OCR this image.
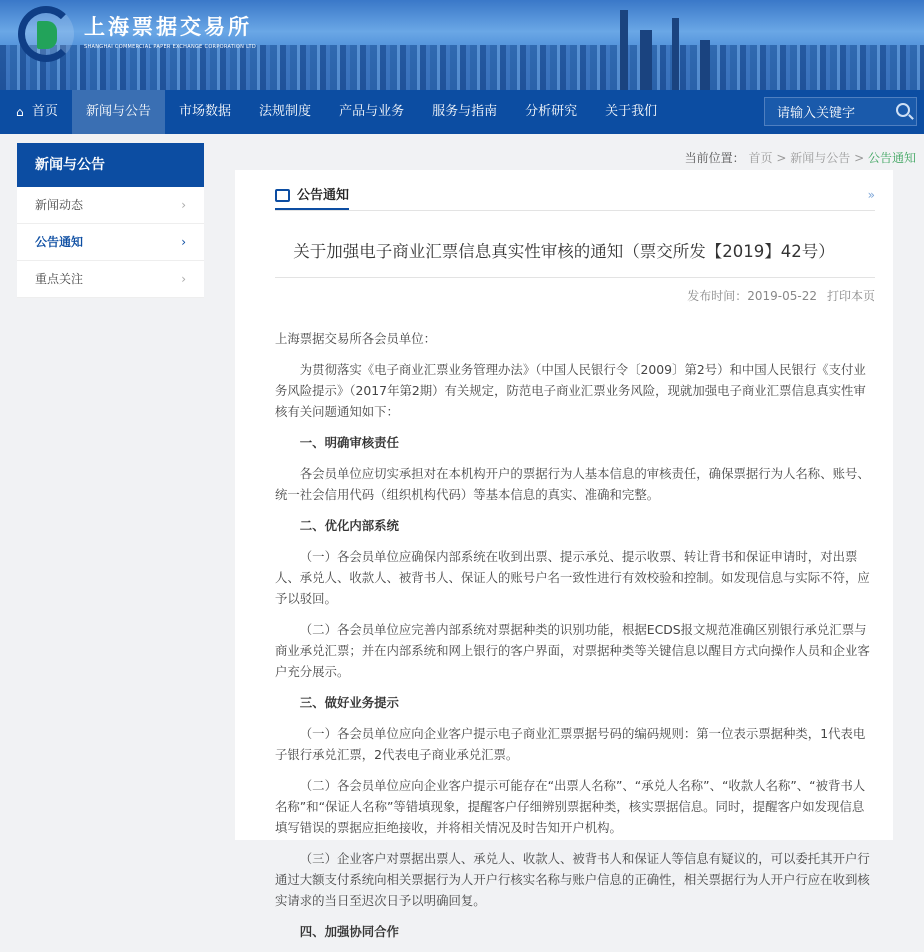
上海票据交易所
SHANGHAI COMMERCIAL PAPER EXCHANGE CORPORATION LTD
⌂ 首页	新闻与公告	市场数据	法规制度	产品与业务	服务与指南	分析研究	关于我们	请输入关键字
新闻与公告
新闻动态	›
公告通知	›
重点关注	›
当前位置： 首页 > 新闻与公告 > 公告通知
公告通知	»
关于加强电子商业汇票信息真实性审核的通知（票交所发【2019】42号）
发布时间：2019-05-22 打印本页

上海票据交易所各会员单位：

为贯彻落实《电子商业汇票业务管理办法》（中国人民银行令〔2009〕第2号）和中国人民银行《支付业务风险提示》（2017年第2期）有关规定，防范电子商业汇票业务风险，现就加强电子商业汇票信息真实性审核有关问题通知如下：

一、明确审核责任

各会员单位应切实承担对在本机构开户的票据行为人基本信息的审核责任，确保票据行为人名称、账号、统一社会信用代码（组织机构代码）等基本信息的真实、准确和完整。

二、优化内部系统

（一）各会员单位应确保内部系统在收到出票、提示承兑、提示收票、转让背书和保证申请时，对出票人、承兑人、收款人、被背书人、保证人的账号户名一致性进行有效校验和控制。如发现信息与实际不符，应予以驳回。

（二）各会员单位应完善内部系统对票据种类的识别功能，根据ECDS报文规范准确区别银行承兑汇票与商业承兑汇票；并在内部系统和网上银行的客户界面，对票据种类等关键信息以醒目方式向操作人员和企业客户充分展示。

三、做好业务提示

（一）各会员单位应向企业客户提示电子商业汇票票据号码的编码规则：第一位表示票据种类，1代表电子银行承兑汇票，2代表电子商业承兑汇票。

（二）各会员单位应向企业客户提示可能存在“出票人名称”、“承兑人名称”、“收款人名称”、“被背书人名称”和“保证人名称”等错填现象，提醒客户仔细辨别票据种类，核实票据信息。同时，提醒客户如发现信息填写错误的票据应拒绝接收，并将相关情况及时告知开户机构。

（三）企业客户对票据出票人、承兑人、收款人、被背书人和保证人等信息有疑议的，可以委托其开户行通过大额支付系统向相关票据行为人开户行核实名称与账户信息的正确性，相关票据行为人开户行应在收到核实请求的当日至迟次日予以明确回复。

四、加强协同合作
